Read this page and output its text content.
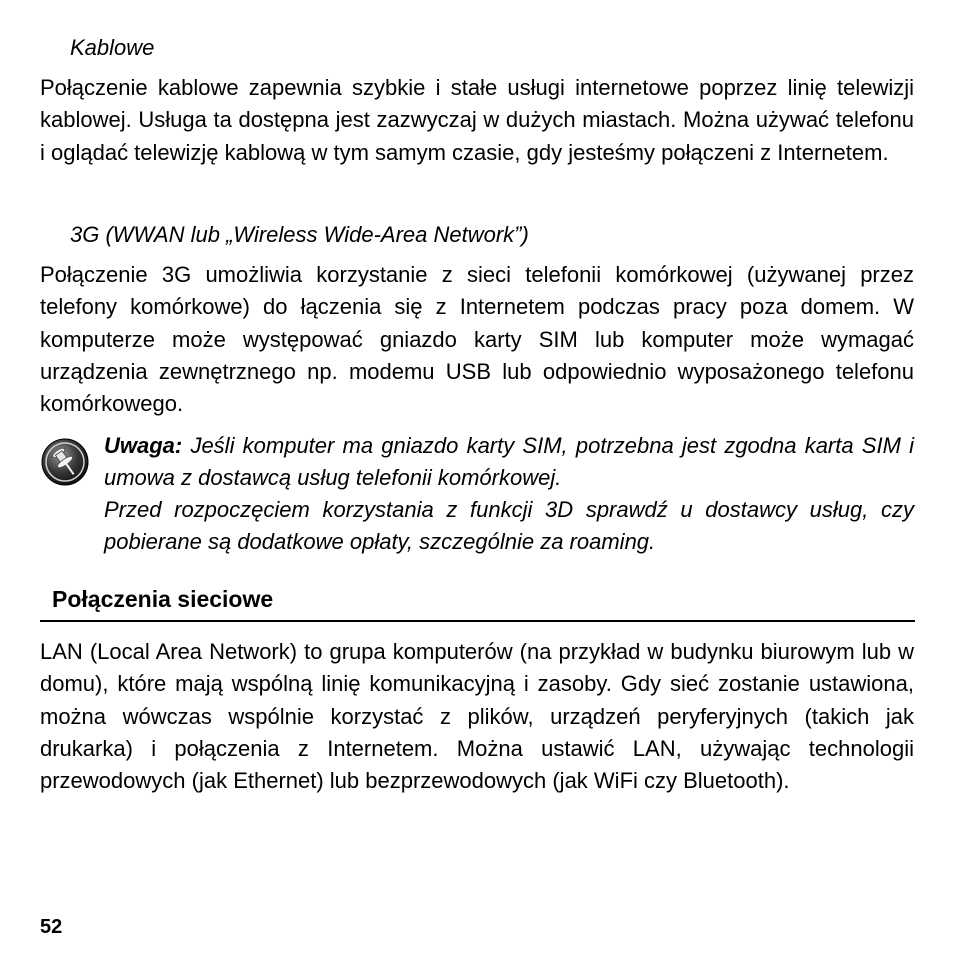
Kablowe

Połączenie kablowe zapewnia szybkie i stałe usługi internetowe poprzez linię telewizji kablowej. Usługa ta dostępna jest zazwyczaj w dużych miastach. Można używać telefonu i oglądać telewizję kablową w tym samym czasie, gdy jesteśmy połączeni z Internetem.

3G (WWAN lub „Wireless Wide-Area Network”)

Połączenie 3G umożliwia korzystanie z sieci telefonii komórkowej (używanej przez telefony komórkowe) do łączenia się z Internetem podczas pracy poza domem. W komputerze może występować gniazdo karty SIM lub komputer może wymagać urządzenia zewnętrznego np. modemu USB lub odpowiednio wyposażonego telefonu komórkowego.

Uwaga: Jeśli komputer ma gniazdo karty SIM, potrzebna jest zgodna karta SIM i umowa z dostawcą usług telefonii komórkowej.

Przed rozpoczęciem korzystania z funkcji 3D sprawdź u dostawcy usług, czy pobierane są dodatkowe opłaty, szczególnie za roaming.

Połączenia sieciowe

LAN (Local Area Network) to grupa komputerów (na przykład w budynku biurowym lub w domu), które mają wspólną linię komunikacyjną i zasoby. Gdy sieć zostanie ustawiona, można wówczas wspólnie korzystać z plików, urządzeń peryferyjnych (takich jak drukarka) i połączenia z Internetem. Można ustawić LAN, używając technologii przewodowych (jak Ethernet) lub bezprzewodowych (jak WiFi czy Bluetooth).

52
